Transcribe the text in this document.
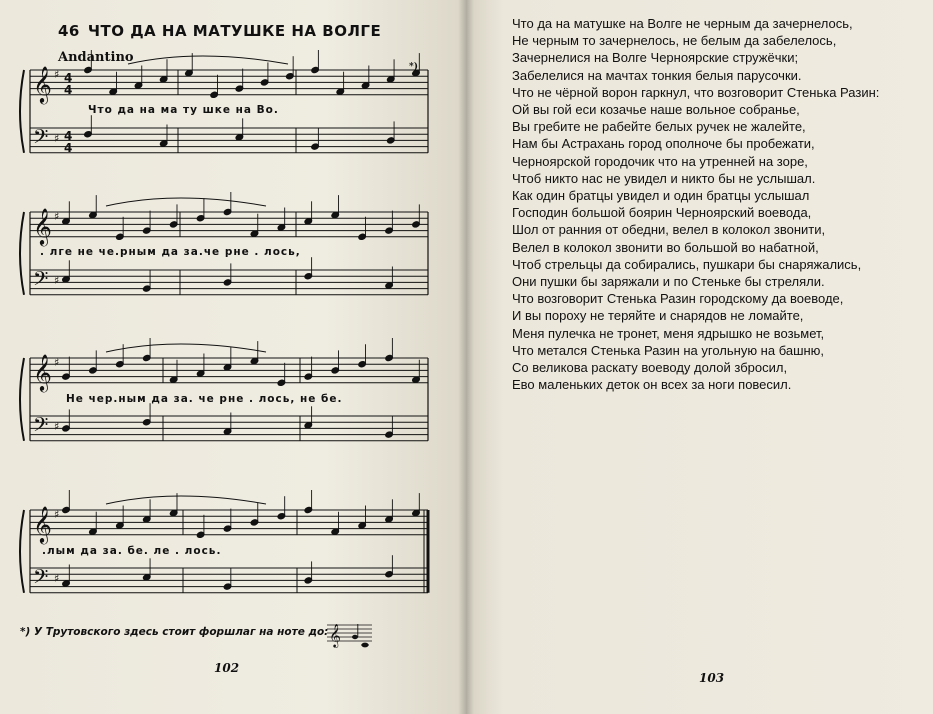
46 ЧТО ДА НА МАТУШКЕ НА ВОЛГЕ
Andantino
𝄞 ♯ 4
4
𝄢 ♯ 4
4
𝄞 ♯
𝄢 ♯
𝄞 ♯
𝄢 ♯
𝄞 ♯
𝄢 ♯
*)
𝄞
Что да на ма ту шке на Во.
. лге не че.рным да за.че рне . лось,
Не чер.ным да за. че рне . лось, не бе.
.лым да за. бе. ле . лось.
*) У Трутовского здесь стоит форшлаг на ноте до:
102
Что да на матушке на Волге не черным да зачернелось,
Не черным то зачернелось, не белым да забелелось,
Зачернелися на Волге Черноярские стружёчки;
Забелелися на мачтах тонкия белыя парусочки.
Что не чёрной ворон гаркнул, что возговорит Стенька Разин:
Ой вы гой еси козачье наше вольное собранье,
Вы гребите не рабейте белых ручек не жалейте,
Нам бы Астрахань город ополноче бы пробежати,
Черноярской городочик что на утренней на зоре,
Чтоб никто нас не увидел и никто бы не услышал.
Как один братцы увидел и один братцы услышал
Господин большой боярин Черноярский воевода,
Шол от ранния от обедни, велел в колокол звонити,
Велел в колокол звонити во большой во набатной,
Чтоб стрельцы да собирались, пушкари бы снаряжались,
Они пушки бы заряжали и по Стеньке бы стреляли.
Что возговорит Стенька Разин городскому да воеводе,
И вы пороху не теряйте и снарядов не ломайте,
Меня пулечка не тронет, меня ядрышко не возьмет,
Что метался Стенька Разин на угольную на башню,
Со великова раскату воеводу долой збросил,
Ево маленьких деток он всех за ноги повесил.
103
